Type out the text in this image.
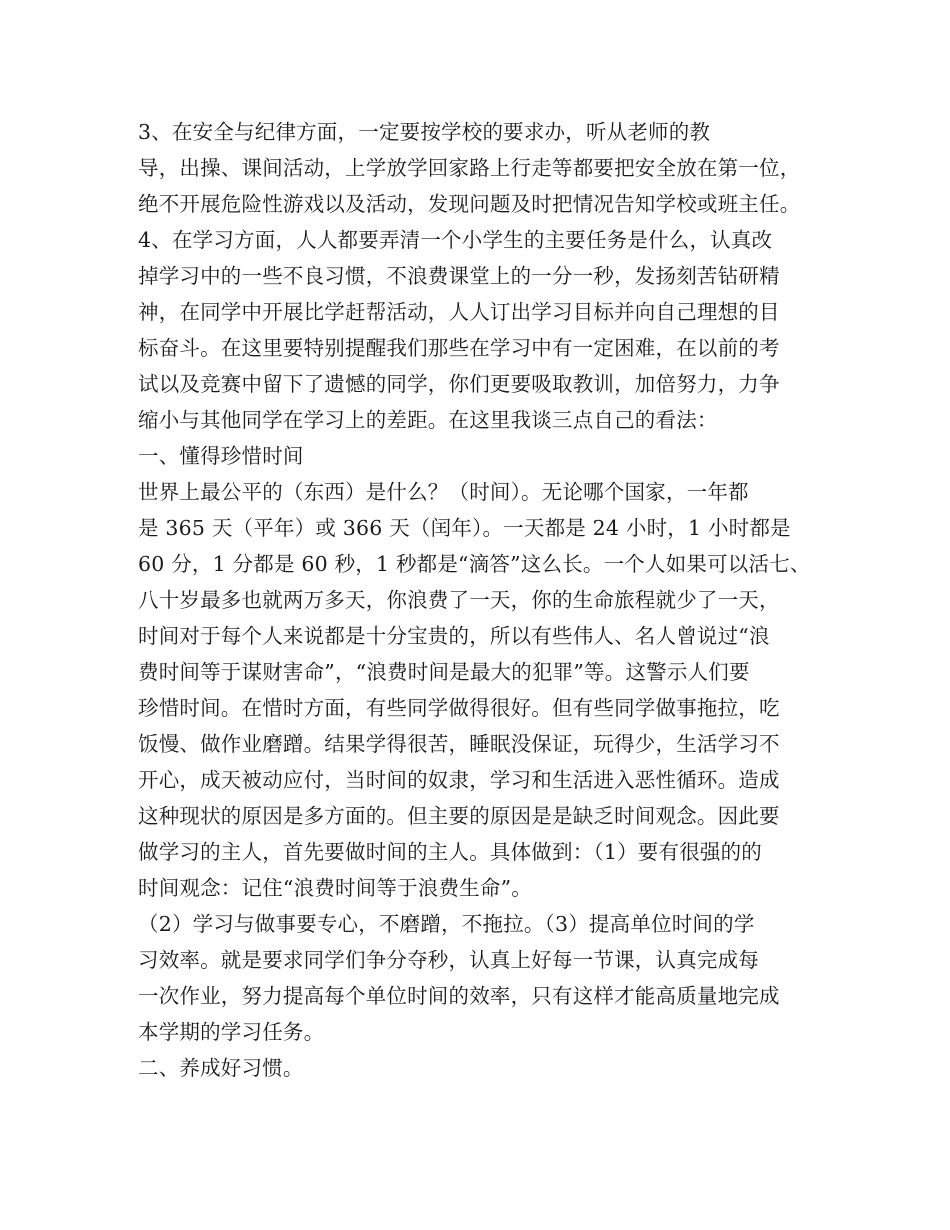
3、在安全与纪律方面，一定要按学校的要求办，听从老师的教
导，出操、课间活动，上学放学回家路上行走等都要把安全放在第一位，
绝不开展危险性游戏以及活动，发现问题及时把情况告知学校或班主任。
4、在学习方面，人人都要弄清一个小学生的主要任务是什么，认真改
掉学习中的一些不良习惯，不浪费课堂上的一分一秒，发扬刻苦钻研精
神，在同学中开展比学赶帮活动，人人订出学习目标并向自己理想的目
标奋斗。在这里要特别提醒我们那些在学习中有一定困难，在以前的考
试以及竞赛中留下了遗憾的同学，你们更要吸取教训，加倍努力，力争
缩小与其他同学在学习上的差距。在这里我谈三点自己的看法：
一、懂得珍惜时间
世界上最公平的（东西）是什么？（时间）。无论哪个国家，一年都
是 365 天（平年）或 366 天（闰年）。一天都是 24 小时，1 小时都是
60 分，1 分都是 60 秒，1 秒都是“滴答”这么长。一个人如果可以活七、
八十岁最多也就两万多天，你浪费了一天，你的生命旅程就少了一天，
时间对于每个人来说都是十分宝贵的，所以有些伟人、名人曾说过“浪
费时间等于谋财害命”，“浪费时间是最大的犯罪”等。这警示人们要
珍惜时间。在惜时方面，有些同学做得很好。但有些同学做事拖拉，吃
饭慢、做作业磨蹭。结果学得很苦，睡眠没保证，玩得少，生活学习不
开心，成天被动应付，当时间的奴隶，学习和生活进入恶性循环。造成
这种现状的原因是多方面的。但主要的原因是是缺乏时间观念。因此要
做学习的主人，首先要做时间的主人。具体做到：（1）要有很强的的
时间观念：记住“浪费时间等于浪费生命”。
（2）学习与做事要专心，不磨蹭，不拖拉。（3）提高单位时间的学
习效率。就是要求同学们争分夺秒，认真上好每一节课，认真完成每
一次作业，努力提高每个单位时间的效率，只有这样才能高质量地完成
本学期的学习任务。
二、养成好习惯。
